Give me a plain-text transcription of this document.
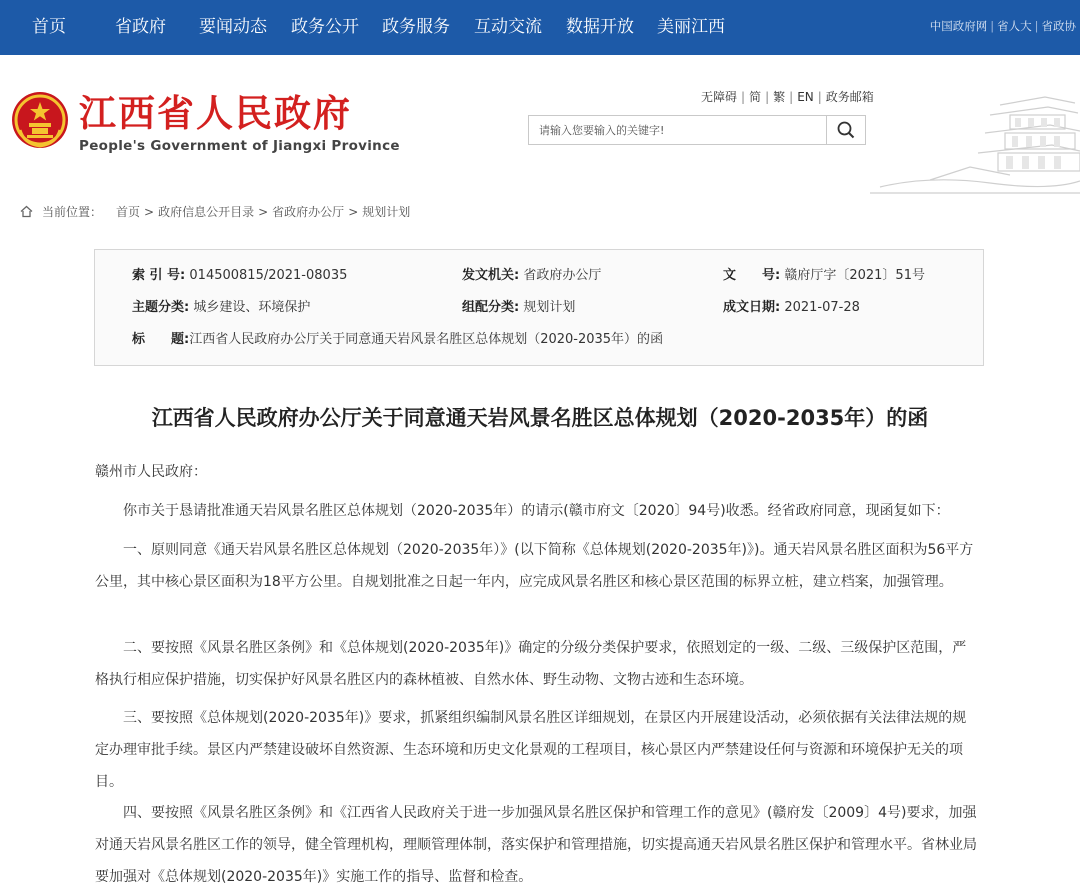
首页	省政府 要闻动态 政务公开 政务服务 互动交流 数据开放 美丽江西	中国政府网 | 省人大 | 省政协
江西省人民政府
People's Government of Jiangxi Province
无障碍 | 简 | 繁 | EN | 政务邮箱
请输入您要输入的关键字!
当前位置： 首页 > 政府信息公开目录 > 省政府办公厅 > 规划计划
索 引 号: 014500815/2021-08035	发文机关: 省政府办公厅	文　　号: 赣府厅字〔2021〕51号
主题分类: 城乡建设、环境保护	组配分类: 规划计划	成文日期: 2021-07-28
标　　题:江西省人民政府办公厅关于同意通天岩风景名胜区总体规划（2020-2035年）的函
江西省人民政府办公厅关于同意通天岩风景名胜区总体规划（2020-2035年）的函

赣州市人民政府：

你市关于恳请批准通天岩风景名胜区总体规划（2020-2035年）的请示(赣市府文〔2020〕94号)收悉。经省政府同意，现函复如下：

一、原则同意《通天岩风景名胜区总体规划（2020-2035年）》(以下简称《总体规划(2020-2035年)》)。通天岩风景名胜区面积为5󠄀6平方公里，其中核心景区面积为1󠄀8平方公里。自规划批准之日起一年内，应完成风景名胜区和核心景区范围的标界立桩，建立档案，加强管理。

二、要按照《风景名胜区条例》和《总体规划(2020-2035年)》确定的分级分类保护要求，依照划定的一级、二级、三级保护区范围，严格执行相应保护措施，切实保护好风景名胜区内的森林植被、自然水体、野生动物、文物古迹和生态环境。

三、要按照《总体规划(2020-2035年)》要求，抓紧组织编制风景名胜区详细规划，在景区内开展建设活动，必须依据有关法律法规的规定办理审批手续。景区内严禁建设破坏自然资源、生态环境和历史文化景观的工程项目，核心景区内严禁建设任何与资源和环境保护无关的项目。

四、要按照《风景名胜区条例》和《江西省人民政府关于进一步加强风景名胜区保护和管理工作的意见》(赣府发〔2009〕4号)要求，加强对通天岩风景名胜区工作的领导，健全管理机构，理顺管理体制，落实保护和管理措施，切实提高通天岩风景名胜区保护和管理水平。省林业局要加强对《总体规划(2020-2035年)》实施工作的指导、监督和检查。
